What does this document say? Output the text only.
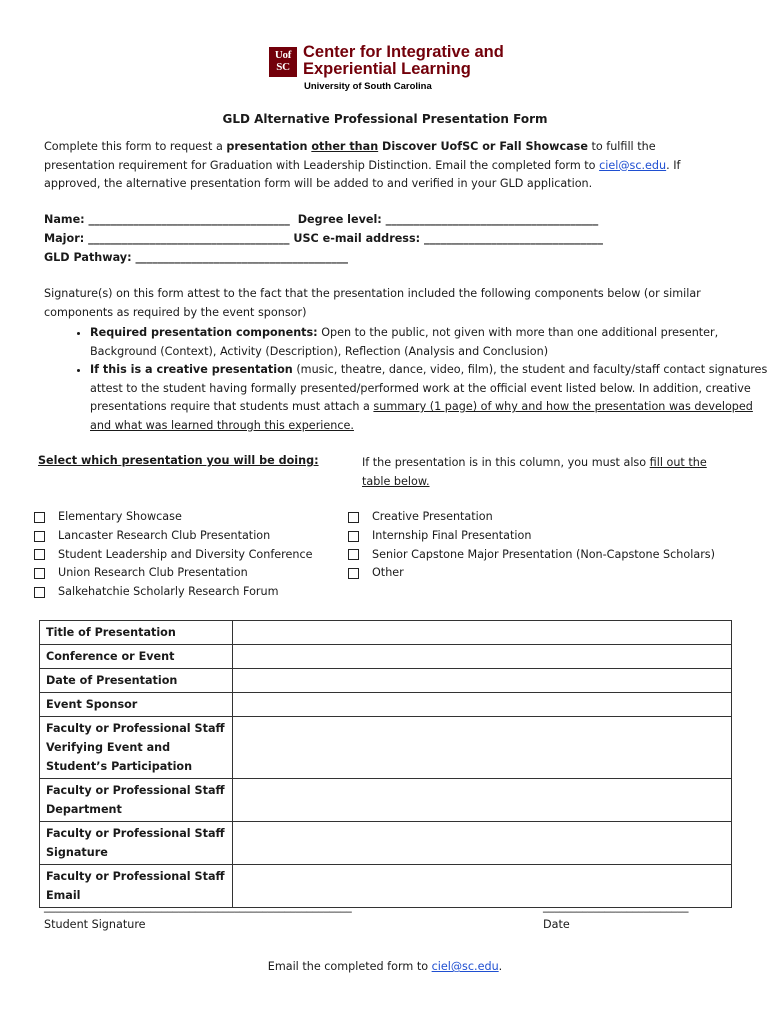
Uof
SC
Center for Integrative and Experiential Learning
University of South Carolina
GLD Alternative Professional Presentation Form
Complete this form to request a presentation other than Discover UofSC or Fall Showcase to fulfill the presentation requirement for Graduation with Leadership Distinction. Email the completed form to ciel@sc.edu. If approved, the alternative presentation form will be added to and verified in your GLD application.
Name: ____________________________________ Degree level: ______________________________________
Major: ____________________________________ USC e-mail address: ________________________________
GLD Pathway: ______________________________________
Signature(s) on this form attest to the fact that the presentation included the following components below (or similar components as required by the event sponsor)
• Required presentation components: Open to the public, not given with more than one additional presenter, Background (Context), Activity (Description), Reflection (Analysis and Conclusion)
• If this is a creative presentation (music, theatre, dance, video, film), the student and faculty/staff contact signatures attest to the student having formally presented/performed work at the official event listed below. In addition, creative presentations require that students must attach a summary (1 page) of why and how the presentation was developed and what was learned through this experience.
Select which presentation you will be doing:	If the presentation is in this column, you must also fill out the table below.
Elementary Showcase
Lancaster Research Club Presentation
Student Leadership and Diversity Conference
Union Research Club Presentation
Salkehatchie Scholarly Research Forum
Creative Presentation
Internship Final Presentation
Senior Capstone Major Presentation (Non-Capstone Scholars)
Other
Title of Presentation	
Conference or Event	
Date of Presentation	
Event Sponsor	
Faculty or Professional Staff Verifying Event and Student’s Participation	
Faculty or Professional Staff Department	
Faculty or Professional Staff Signature	
Faculty or Professional Staff Email	
_______________________________________________________
Student Signature
__________________________
Date
Email the completed form to ciel@sc.edu.
